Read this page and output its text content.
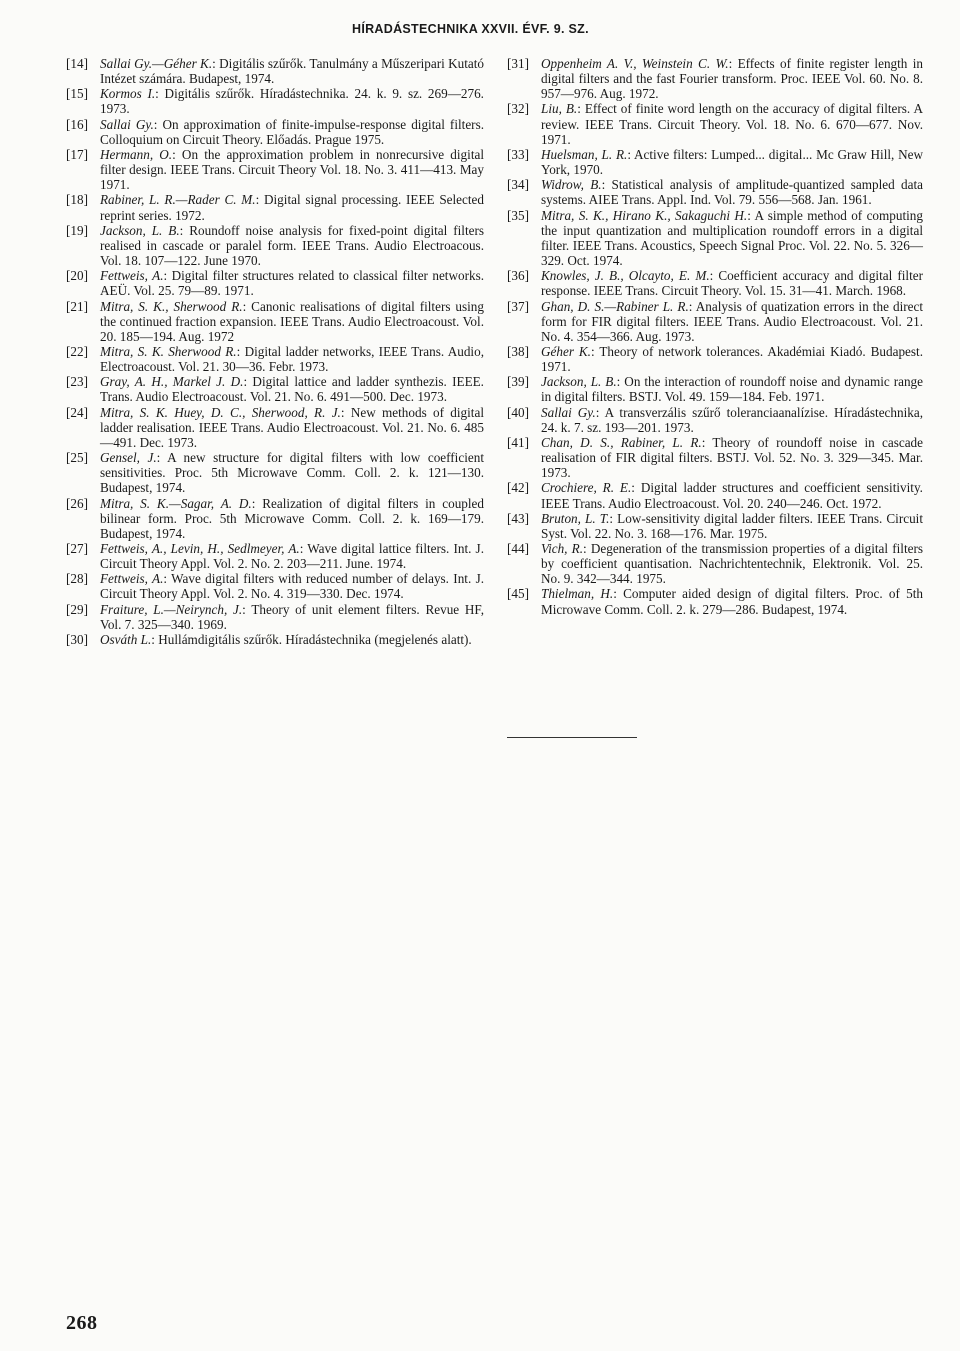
HÍRADÁSTECHNIKA XXVII. ÉVF. 9. SZ.
[14] Sallai Gy.—Géher K.: Digitális szűrők. Tanulmány a Műszeripari Kutató Intézet számára. Budapest, 1974.
[15] Kormos I.: Digitális szűrők. Híradástechnika. 24. k. 9. sz. 269—276. 1973.
[16] Sallai Gy.: On approximation of finite-impulse-response digital filters. Colloquium on Circuit Theory. Előadás. Prague 1975.
[17] Hermann, O.: On the approximation problem in nonrecursive digital filter design. IEEE Trans. Circuit Theory Vol. 18. No. 3. 411—413. May 1971.
[18] Rabiner, L. R.—Rader C. M.: Digital signal processing. IEEE Selected reprint series. 1972.
[19] Jackson, L. B.: Roundoff noise analysis for fixed-point digital filters realised in cascade or paralel form. IEEE Trans. Audio Electroacous. Vol. 18. 107—122. June 1970.
[20] Fettweis, A.: Digital filter structures related to classical filter networks. AEÜ. Vol. 25. 79—89. 1971.
[21] Mitra, S. K., Sherwood R.: Canonic realisations of digital filters using the continued fraction expansion. IEEE Trans. Audio Electroacoust. Vol. 20. 185—194. Aug. 1972
[22] Mitra, S. K. Sherwood R.: Digital ladder networks, IEEE Trans. Audio, Electroacoust. Vol. 21. 30—36. Febr. 1973.
[23] Gray, A. H., Markel J. D.: Digital lattice and ladder synthezis. IEEE. Trans. Audio Electroacoust. Vol. 21. No. 6. 491—500. Dec. 1973.
[24] Mitra, S. K. Huey, D. C., Sherwood, R. J.: New methods of digital ladder realisation. IEEE Trans. Audio Electroacoust. Vol. 21. No. 6. 485—491. Dec. 1973.
[25] Gensel, J.: A new structure for digital filters with low coefficient sensitivities. Proc. 5th Microwave Comm. Coll. 2. k. 121—130. Budapest, 1974.
[26] Mitra, S. K.—Sagar, A. D.: Realization of digital filters in coupled bilinear form. Proc. 5th Microwave Comm. Coll. 2. k. 169—179. Budapest, 1974.
[27] Fettweis, A., Levin, H., Sedlmeyer, A.: Wave digital lattice filters. Int. J. Circuit Theory Appl. Vol. 2. No. 2. 203—211. June. 1974.
[28] Fettweis, A.: Wave digital filters with reduced number of delays. Int. J. Circuit Theory Appl. Vol. 2. No. 4. 319—330. Dec. 1974.
[29] Fraiture, L.—Neirynch, J.: Theory of unit element filters. Revue HF, Vol. 7. 325—340. 1969.
[30] Osváth L.: Hullámdigitális szűrők. Híradástechnika (megjelenés alatt).
[31] Oppenheim A. V., Weinstein C. W.: Effects of finite register length in digital filters and the fast Fourier transform. Proc. IEEE Vol. 60. No. 8. 957—976. Aug. 1972.
[32] Liu, B.: Effect of finite word length on the accuracy of digital filters. A review. IEEE Trans. Circuit Theory. Vol. 18. No. 6. 670—677. Nov. 1971.
[33] Huelsman, L. R.: Active filters: Lumped... digital... Mc Graw Hill, New York, 1970.
[34] Widrow, B.: Statistical analysis of amplitude-quantized sampled data systems. AIEE Trans. Appl. Ind. Vol. 79. 556—568. Jan. 1961.
[35] Mitra, S. K., Hirano K., Sakaguchi H.: A simple method of computing the input quantization and multiplication roundoff errors in a digital filter. IEEE Trans. Acoustics, Speech Signal Proc. Vol. 22. No. 5. 326—329. Oct. 1974.
[36] Knowles, J. B., Olcayto, E. M.: Coefficient accuracy and digital filter response. IEEE Trans. Circuit Theory. Vol. 15. 31—41. March. 1968.
[37] Ghan, D. S.—Rabiner L. R.: Analysis of quatization errors in the direct form for FIR digital filters. IEEE Trans. Audio Electroacoust. Vol. 21. No. 4. 354—366. Aug. 1973.
[38] Géher K.: Theory of network tolerances. Akadémiai Kiadó. Budapest. 1971.
[39] Jackson, L. B.: On the interaction of roundoff noise and dynamic range in digital filters. BSTJ. Vol. 49. 159—184. Feb. 1971.
[40] Sallai Gy.: A transverzális szűrő toleranciaanalízise. Híradástechnika, 24. k. 7. sz. 193—201. 1973.
[41] Chan, D. S., Rabiner, L. R.: Theory of roundoff noise in cascade realisation of FIR digital filters. BSTJ. Vol. 52. No. 3. 329—345. Mar. 1973.
[42] Crochiere, R. E.: Digital ladder structures and coefficient sensitivity. IEEE Trans. Audio Electroacoust. Vol. 20. 240—246. Oct. 1972.
[43] Bruton, L. T.: Low-sensitivity digital ladder filters. IEEE Trans. Circuit Syst. Vol. 22. No. 3. 168—176. Mar. 1975.
[44] Vich, R.: Degeneration of the transmission properties of a digital filters by coefficient quantisation. Nachrichtentechnik, Elektronik. Vol. 25. No. 9. 342—344. 1975.
[45] Thielman, H.: Computer aided design of digital filters. Proc. of 5th Microwave Comm. Coll. 2. k. 279—286. Budapest, 1974.
268
